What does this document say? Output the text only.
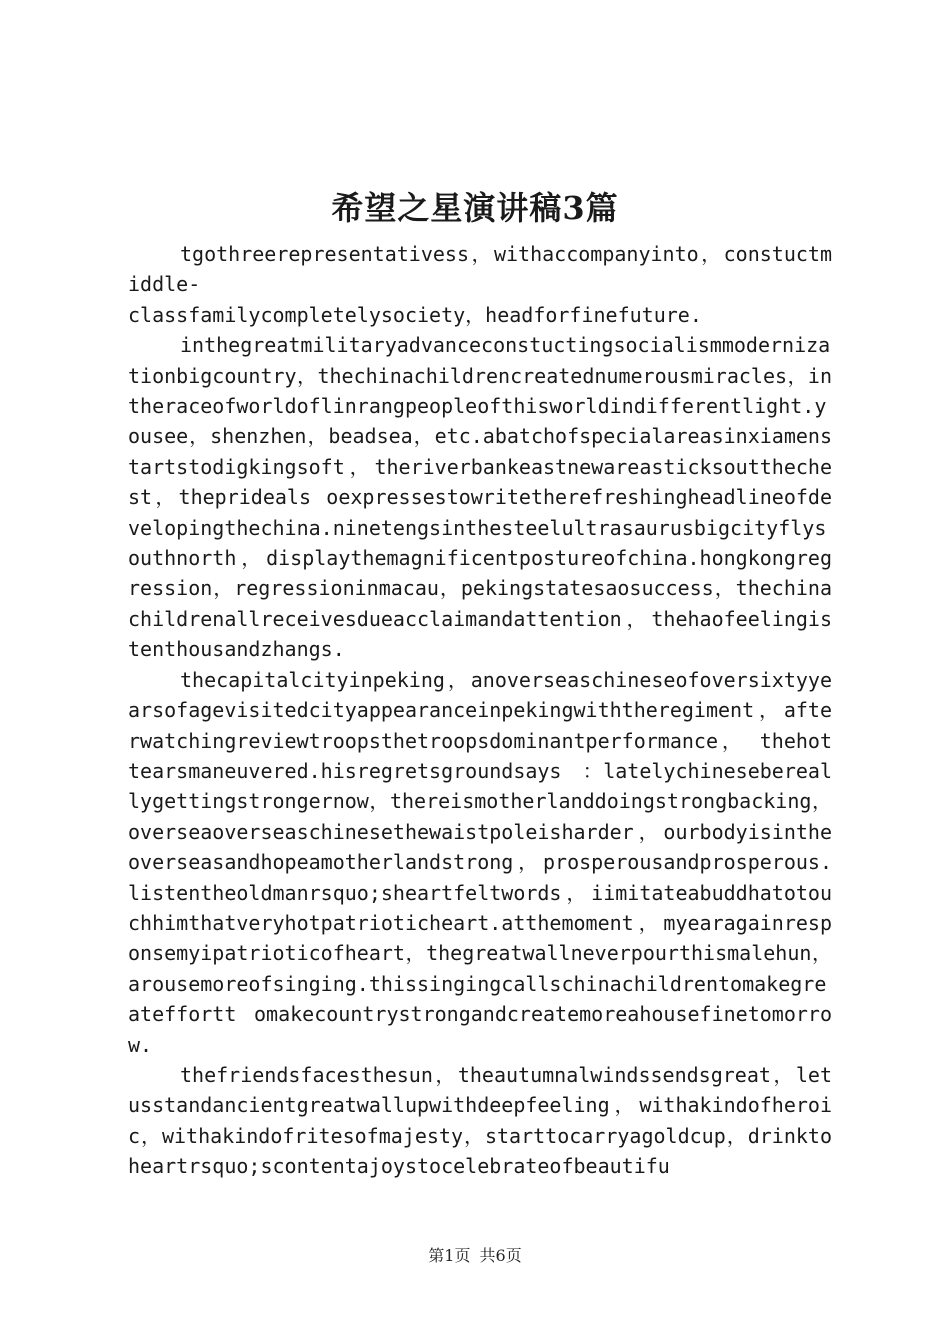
希望之星演讲稿3篇

tgothreerepresentativess，withaccompanyinto，constuctmiddle-

classfamilycompletelysociety，headforfinefuture.

inthegreatmilitaryadvanceconstuctingsocialismmodernizationbigcountry，thechinachildrencreatednumerousmiracles，intheraceofworldoflinrangpeopleofthisworldindifferentlight.yousee，shenzhen，beadsea，etc.abatchofspecialareasinxiamenstartstodigkingsoft，theriverbankeastnewareasticksoutthechest，theprideals oexpressestowritetherefreshingheadlineofdevelopingthechina.ninetengsinthesteelultrasaurusbigcityflysouthnorth，displaythemagnificentpostureofchina.hongkongregression，regressioninmacau，pekingstatesaosuccess，thechinachildrenallreceivesdueacclaimandattention，thehaofeelingistenthousandzhangs.

thecapitalcityinpeking，anoverseaschineseofoversixtyyearsofagevisitedcityappearanceinpekingwiththeregiment，afterwatchingreviewtroopsthetroopsdominantperformance，　thehottearsmaneuvered.hisregretsgroundsays　：latelychinesebereallygettingstrongernow，thereismotherlanddoingstrongbacking，overseaoverseaschinesethewaistpoleisharder，ourbodyisintheoverseasandhopeamotherlandstrong，prosperousandprosperous.listentheoldmanrsquo;sheartfeltwords，iimitateabuddhatotouchhimthatveryhotpatrioticheart.atthemoment，myearagainresponsemyipatrioticofheart，thegreatwallneverpourthismalehun，arousemoreofsinging.thissingingcallschinachildrentomakegreateffortt omakecountrystrongandcreatemoreahousefinetomorrow.

thefriendsfacesthesun，theautumnalwindssendsgreat，letusstandancientgreatwallupwithdeepfeeling，withakindofheroic，withakindofritesofmajesty，starttocarryagoldcup，drinktoheartrsquo;scontentajoystocelebrateofbeautifu

第1页 共6页
